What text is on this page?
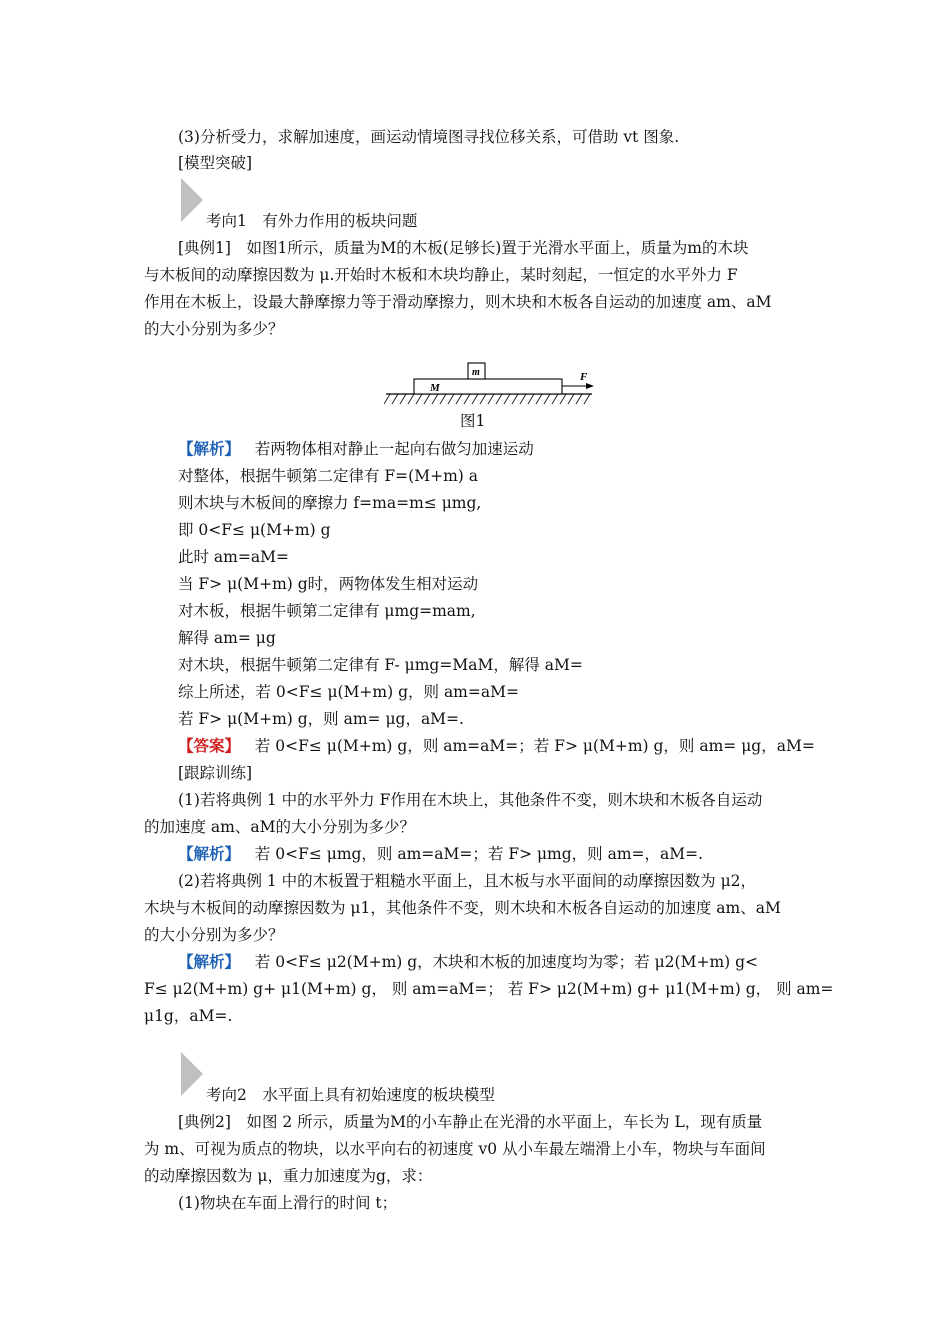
(3)分析受力，求解加速度，画运动情境图寻找位移关系，可借助 vt 图象.
[模型突破]
考向1　有外力作用的板块问题
[典例1]　如图1所示，质量为M的木板(足够长)置于光滑水平面上，质量为m的木块
与木板间的动摩擦因数为 μ.开始时木板和木块均静止，某时刻起，一恒定的水平外力 F
作用在木板上，设最大静摩擦力等于滑动摩擦力，则木块和木板各自运动的加速度 am、aM
的大小分别为多少？
M
m	F
图1
【解析】 若两物体相对静止一起向右做匀加速运动
对整体，根据牛顿第二定律有 F=(M+m) a
则木块与木板间的摩擦力 f=ma=m≤ μmg,
即 0<F≤ μ(M+m) g
此时 am=aM=
当 F> μ(M+m) g时，两物体发生相对运动
对木板，根据牛顿第二定律有 μmg=mam,
解得 am= μg
对木块，根据牛顿第二定律有 F- μmg=MaM，解得 aM=
综上所述，若 0<F≤ μ(M+m) g，则 am=aM=
若 F> μ(M+m) g，则 am= μg，aM=.
【答案】 若 0<F≤ μ(M+m) g，则 am=aM=；若 F> μ(M+m) g，则 am= μg，aM=
[跟踪训练]
(1)若将典例 1 中的水平外力 F作用在木块上，其他条件不变，则木块和木板各自运动
的加速度 am、aM的大小分别为多少？
【解析】 若 0<F≤ μmg，则 am=aM=；若 F> μmg，则 am=，aM=.
(2)若将典例 1 中的木板置于粗糙水平面上，且木板与水平面间的动摩擦因数为 μ2，
木块与木板间的动摩擦因数为 μ1，其他条件不变，则木块和木板各自运动的加速度 am、aM
的大小分别为多少？
【解析】 若 0<F≤ μ2(M+m) g，木块和木板的加速度均为零；若 μ2(M+m) g<
F≤ μ2(M+m) g+ μ1(M+m) g， 则 am=aM=； 若 F> μ2(M+m) g+ μ1(M+m) g， 则 am=
μ1g，aM=.
考向2　水平面上具有初始速度的板块模型
[典例2]　如图 2 所示，质量为M的小车静止在光滑的水平面上，车长为 L，现有质量
为 m、可视为质点的物块，以水平向右的初速度 v0 从小车最左端滑上小车，物块与车面间
的动摩擦因数为 μ，重力加速度为g，求：
(1)物块在车面上滑行的时间 t；
